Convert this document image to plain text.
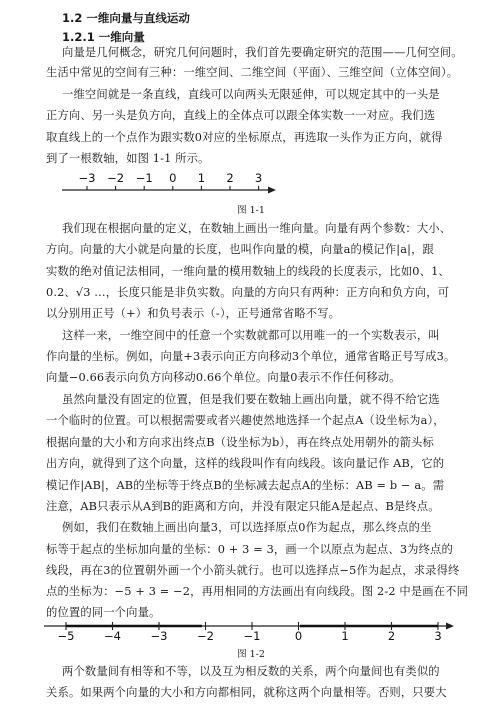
1.2 一维向量与直线运动
1.2.1 一维向量
向量是几何概念，研究几何问题时，我们首先要确定研究的范围——几何空间。
生活中常见的空间有三种：一维空间、二维空间（平面）、三维空间（立体空间）。
一维空间就是一条直线，直线可以向两头无限延伸，可以规定其中的一头是
正方向、另一头是负方向，直线上的全体点可以跟全体实数一一对应。我们选
取直线上的一个点作为跟实数0对应的坐标原点，再选取一头作为正方向，就得
到了一根数轴，如图 1-1 所示。
−3 −2 −1 0 1 2 3
图 1-1
我们现在根据向量的定义，在数轴上画出一维向量。向量有两个参数：大小、
方向。向量的大小就是向量的长度，也叫作向量的模，向量a的模记作|a|，跟
实数的绝对值记法相同，一维向量的模用数轴上的线段的长度表示，比如0、1、
0.2、√3 …，长度只能是非负实数。向量的方向只有两种：正方向和负方向，可
以分别用正号（+）和负号表示（-），正号通常省略不写。
这样一来，一维空间中的任意一个实数就都可以用唯一的一个实数表示，叫
作向量的坐标。例如，向量+3表示向正方向移动3个单位，通常省略正号写成3。
向量−0.66表示向负方向移动0.66个单位。向量0表示不作任何移动。
虽然向量没有固定的位置，但是我们要在数轴上画出向量，就不得不给它选
一个临时的位置。可以根据需要或者兴趣使然地选择一个起点A（设坐标为a），
根据向量的大小和方向求出终点B（设坐标为b），再在终点处用朝外的箭头标
出方向，就得到了这个向量，这样的线段叫作有向线段。该向量记作 AB，它的
模记作|AB|，AB的坐标等于终点B的坐标减去起点A的坐标：AB = b − a。需
注意，AB只表示从A到B的距离和方向，并没有限定只能A是起点、B是终点。
例如，我们在数轴上画出向量3，可以选择原点0作为起点，那么终点的坐
标等于起点的坐标加向量的坐标：0 + 3 = 3，画一个以原点为起点、3为终点的
线段，再在3的位置朝外画一个小箭头就行。也可以选择点−5作为起点，求录得终
点的坐标为：−5 + 3 = −2，再用相同的方法画出有向线段。图 2-2 中是画在不同
的位置的同一个向量。
−5	−4	−3	−2	−1	0	1	2	3
图 1-2
两个数量间有相等和不等，以及互为相反数的关系，两个向量间也有类似的
关系。如果两个向量的大小和方向都相同，就称这两个向量相等。否则，只要大
